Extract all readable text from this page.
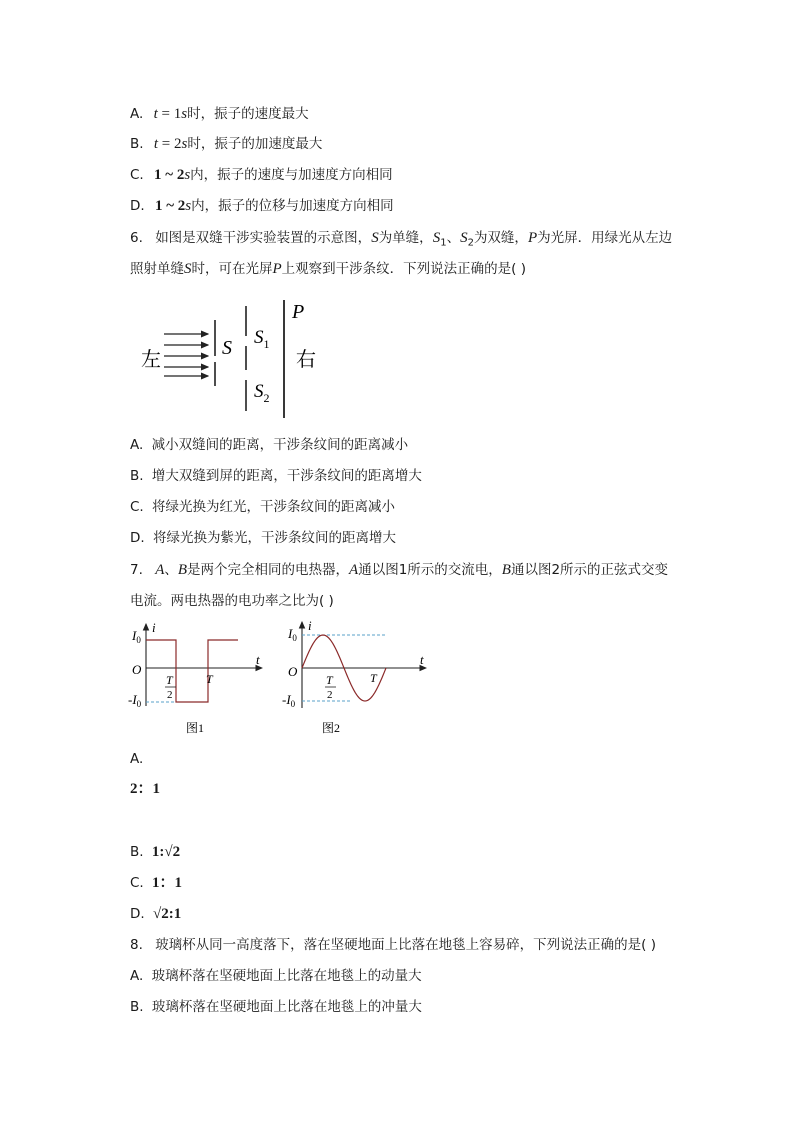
A. t = 1s时，振子的速度最大
B. t = 2s时，振子的加速度最大
C. 1 ~ 2s内，振子的速度与加速度方向相同
D. 1 ~ 2s内，振子的位移与加速度方向相同
6. 如图是双缝干涉实验装置的示意图，S为单缝，$S_1$、$S_2$为双缝，P为光屏．用绿光从左边
照射单缝S时，可在光屏P上观察到干涉条纹．下列说法正确的是( )
左
S $S_1$
$S_2$
P
右
A. 减小双缝间的距离，干涉条纹间的距离减小
B. 增大双缝到屏的距离，干涉条纹间的距离增大
C. 将绿光换为红光，干涉条纹间的距离减小
D. 将绿光换为紫光，干涉条纹间的距离增大
7. A、B是两个完全相同的电热器，A通以图1所示的交流电，B通以图2所示的正弦式交变
电流。两电热器的电功率之比为( )
i
t
O
$I_0$
$-I_0$
T
2
T
图1
i
t
O
$I_0$
$-I_0$
T
2
T
图2
A.
2：1
B. 1:√2
C. 1：1
D. √2:1
8. 玻璃杯从同一高度落下，落在坚硬地面上比落在地毯上容易碎，下列说法正确的是( )
A. 玻璃杯落在坚硬地面上比落在地毯上的动量大
B. 玻璃杯落在坚硬地面上比落在地毯上的冲量大
